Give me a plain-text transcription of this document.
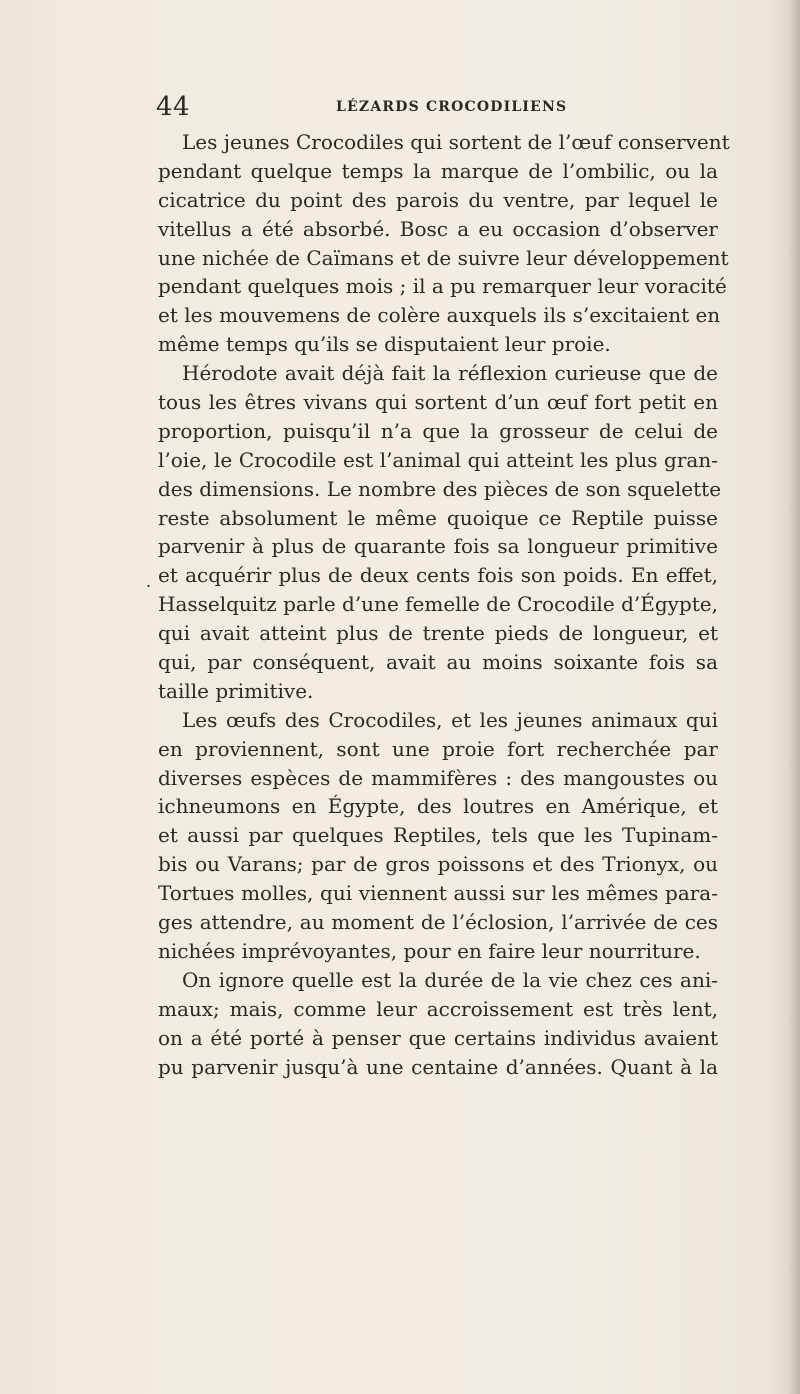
44	LÉZARDS CROCODILIENS
.
Les jeunes Crocodiles qui sortent de l’œuf conservent
pendant quelque temps la marque de l’ombilic, ou la
cicatrice du point des parois du ventre, par lequel le
vitellus a été absorbé. Bosc a eu occasion d’observer
une nichée de Caïmans et de suivre leur développement
pendant quelques mois ; il a pu remarquer leur voracité
et les mouvemens de colère auxquels ils s’excitaient en
même temps qu’ils se disputaient leur proie.
Hérodote avait déjà fait la réflexion curieuse que de
tous les êtres vivans qui sortent d’un œuf fort petit en
proportion, puisqu’il n’a que la grosseur de celui de
l’oie, le Crocodile est l’animal qui atteint les plus gran-
des dimensions. Le nombre des pièces de son squelette
reste absolument le même quoique ce Reptile puisse
parvenir à plus de quarante fois sa longueur primitive
et acquérir plus de deux cents fois son poids. En effet,
Hasselquitz parle d’une femelle de Crocodile d’Égypte,
qui avait atteint plus de trente pieds de longueur, et
qui, par conséquent, avait au moins soixante fois sa
taille primitive.
Les œufs des Crocodiles, et les jeunes animaux qui
en proviennent, sont une proie fort recherchée par
diverses espèces de mammifères : des mangoustes ou
ichneumons en Égypte, des loutres en Amérique, et
et aussi par quelques Reptiles, tels que les Tupinam-
bis ou Varans; par de gros poissons et des Trionyx, ou
Tortues molles, qui viennent aussi sur les mêmes para-
ges attendre, au moment de l’éclosion, l’arrivée de ces
nichées imprévoyantes, pour en faire leur nourriture.
On ignore quelle est la durée de la vie chez ces ani-
maux; mais, comme leur accroissement est très lent,
on a été porté à penser que certains individus avaient
pu parvenir jusqu’à une centaine d’années. Quant à la
